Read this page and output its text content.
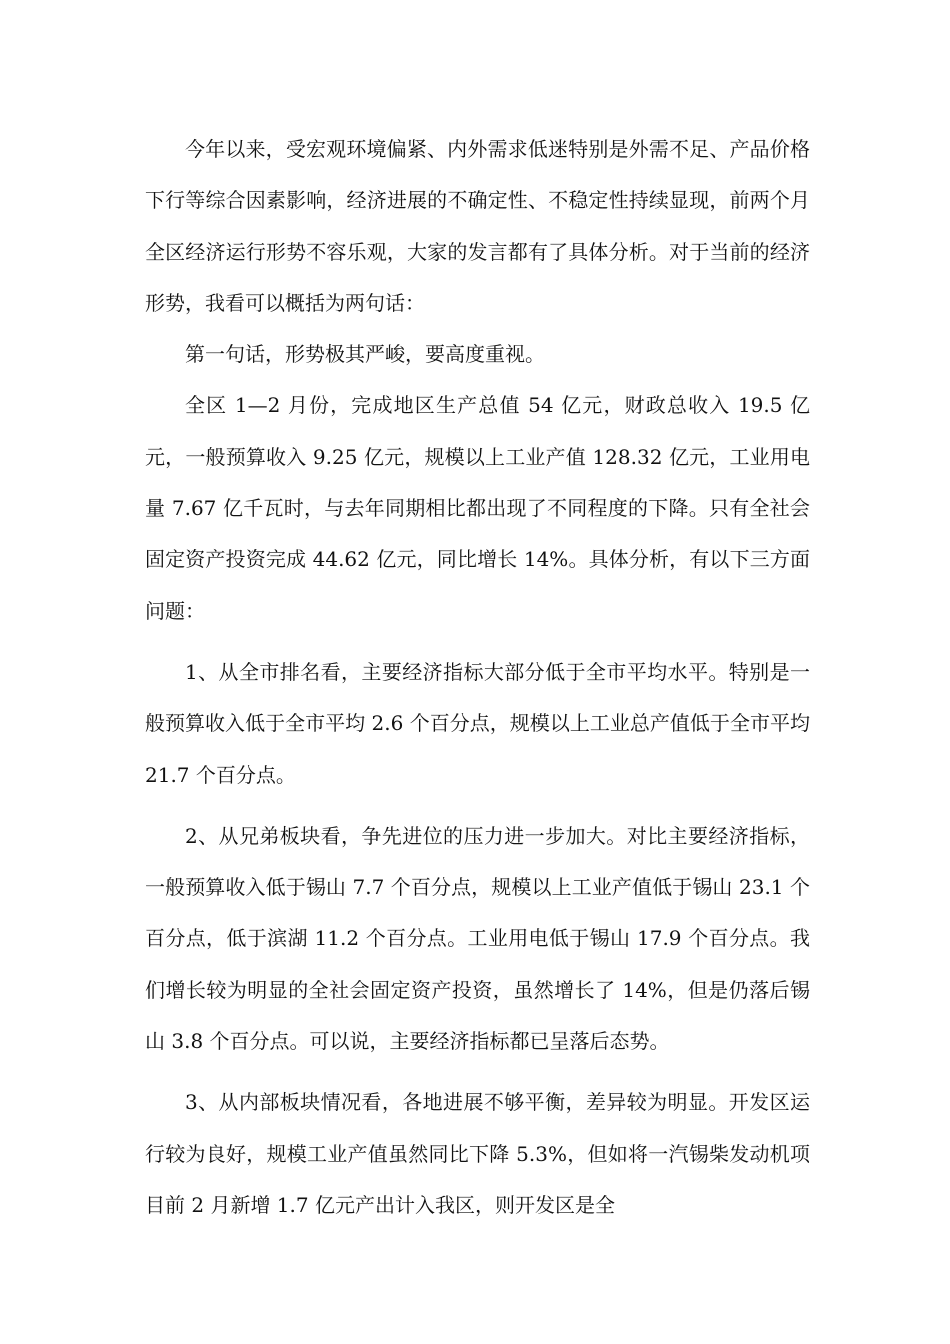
今年以来，受宏观环境偏紧、内外需求低迷特别是外需不足、产品价格下行等综合因素影响，经济进展的不确定性、不稳定性持续显现，前两个月全区经济运行形势不容乐观，大家的发言都有了具体分析。对于当前的经济形势，我看可以概括为两句话：

第一句话，形势极其严峻，要高度重视。

全区 1—2 月份，完成地区生产总值 54 亿元，财政总收入 19.5 亿元，一般预算收入 9.25 亿元，规模以上工业产值 128.32 亿元，工业用电量 7.67 亿千瓦时，与去年同期相比都出现了不同程度的下降。只有全社会固定资产投资完成 44.62 亿元，同比增长 14%。具体分析，有以下三方面问题：

1、从全市排名看，主要经济指标大部分低于全市平均水平。特别是一般预算收入低于全市平均 2.6 个百分点，规模以上工业总产值低于全市平均 21.7 个百分点。

2、从兄弟板块看，争先进位的压力进一步加大。对比主要经济指标，一般预算收入低于锡山 7.7 个百分点，规模以上工业产值低于锡山 23.1 个百分点，低于滨湖 11.2 个百分点。工业用电低于锡山 17.9 个百分点。我们增长较为明显的全社会固定资产投资，虽然增长了 14%，但是仍落后锡山 3.8 个百分点。可以说，主要经济指标都已呈落后态势。

3、从内部板块情况看，各地进展不够平衡，差异较为明显。开发区运行较为良好，规模工业产值虽然同比下降 5.3%，但如将一汽锡柴发动机项目前 2 月新增 1.7 亿元产出计入我区，则开发区是全
